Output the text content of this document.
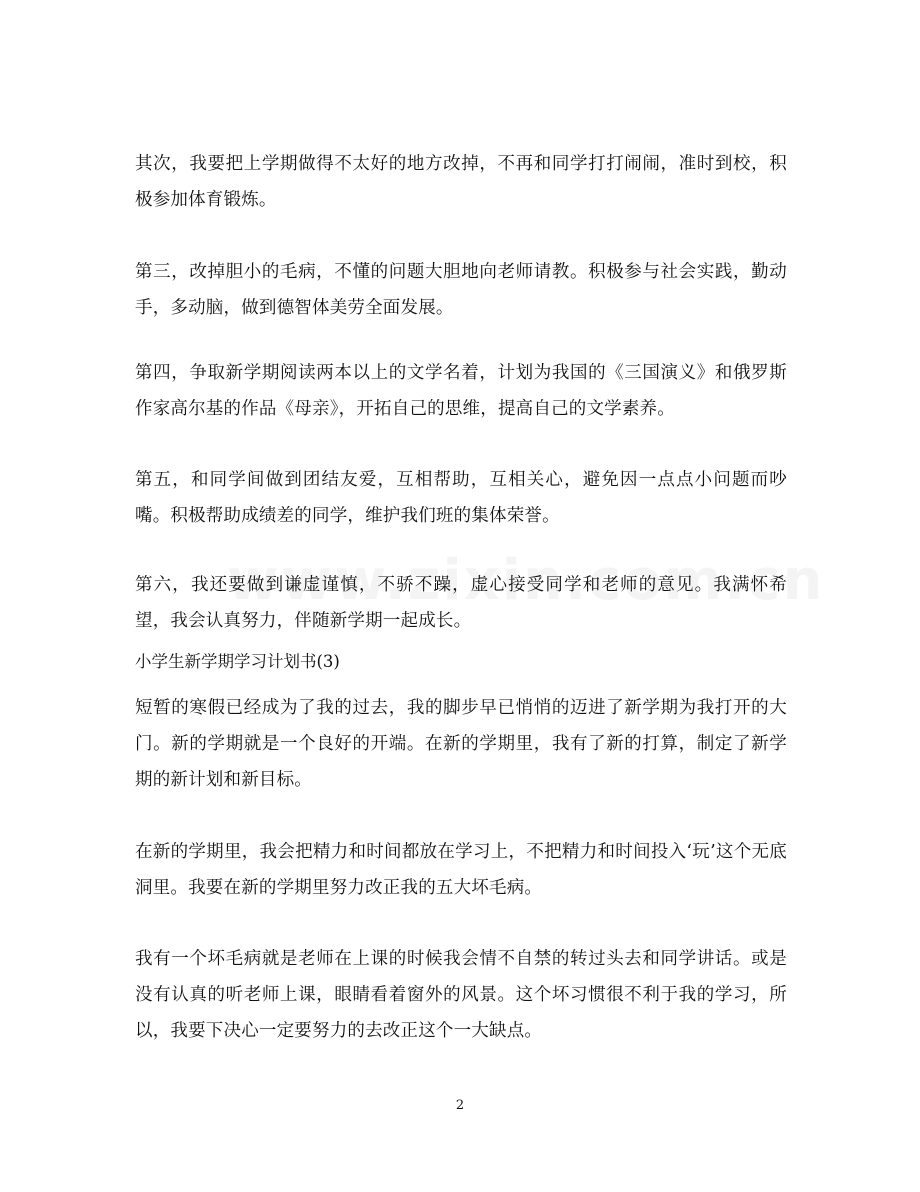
其次，我要把上学期做得不太好的地方改掉，不再和同学打打闹闹，准时到校，积极参加体育锻炼。

第三，改掉胆小的毛病，不懂的问题大胆地向老师请教。积极参与社会实践，勤动手，多动脑，做到德智体美劳全面发展。

第四，争取新学期阅读两本以上的文学名着，计划为我国的《三国演义》和俄罗斯作家高尔基的作品《母亲》，开拓自己的思维，提高自己的文学素养。

第五，和同学间做到团结友爱，互相帮助，互相关心，避免因一点点小问题而吵嘴。积极帮助成绩差的同学，维护我们班的集体荣誉。

第六，我还要做到谦虚谨慎，不骄不躁，虚心接受同学和老师的意见。我满怀希望，我会认真努力，伴随新学期一起成长。

小学生新学期学习计划书(3)

短暂的寒假已经成为了我的过去，我的脚步早已悄悄的迈进了新学期为我打开的大门。新的学期就是一个良好的开端。在新的学期里，我有了新的打算，制定了新学期的新计划和新目标。

在新的学期里，我会把精力和时间都放在学习上，不把精力和时间投入‘玩’这个无底洞里。我要在新的学期里努力改正我的五大坏毛病。

我有一个坏毛病就是老师在上课的时候我会情不自禁的转过头去和同学讲话。或是没有认真的听老师上课，眼睛看着窗外的风景。这个坏习惯很不利于我的学习，所以，我要下决心一定要努力的去改正这个一大缺点。

2
